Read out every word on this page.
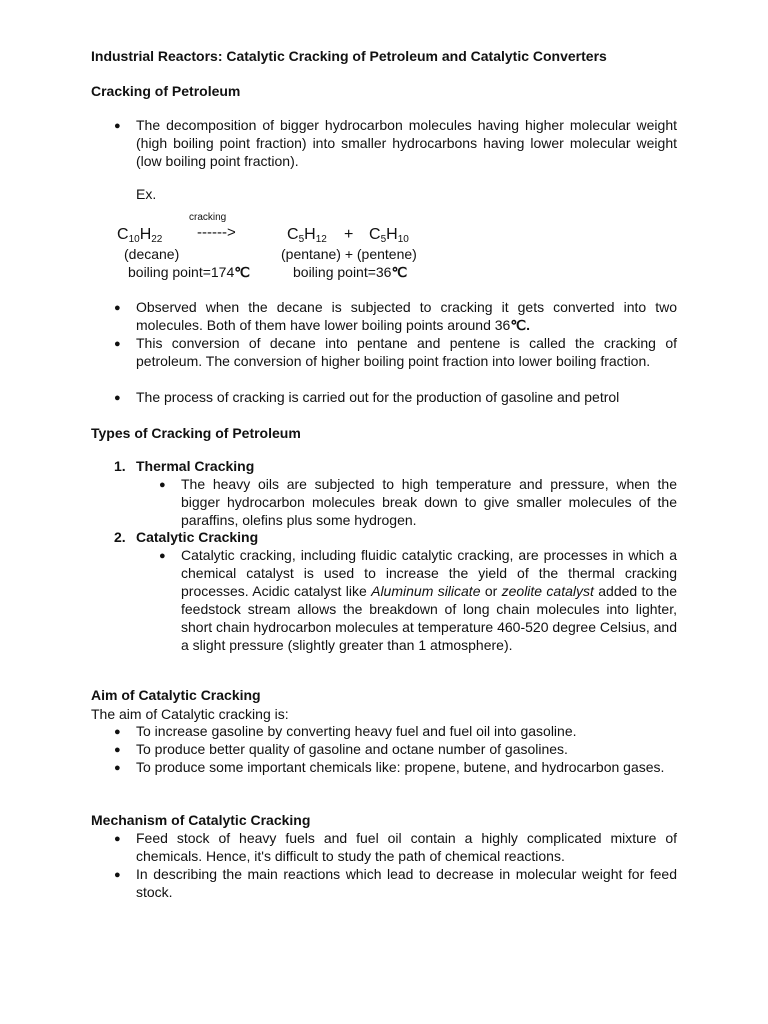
Industrial Reactors: Catalytic Cracking of Petroleum and Catalytic Converters
Cracking of Petroleum
● The decomposition of bigger hydrocarbon molecules having higher molecular weight (high boiling point fraction) into smaller hydrocarbons having lower molecular weight (low boiling point fraction).
Ex.
cracking
C10H22 ------>	C5H12 + C5H10
(decane)	(pentane) + (pentene)
boiling point=174℃	boiling point=36℃
● Observed when the decane is subjected to cracking it gets converted into two molecules. Both of them have lower boiling points around 36℃.
● This conversion of decane into pentane and pentene is called the cracking of petroleum. The conversion of higher boiling point fraction into lower boiling fraction.
● The process of cracking is carried out for the production of gasoline and petrol
Types of Cracking of Petroleum
1. Thermal Cracking
● The heavy oils are subjected to high temperature and pressure, when the bigger hydrocarbon molecules break down to give smaller molecules of the paraffins, olefins plus some hydrogen.
2. Catalytic Cracking
● Catalytic cracking, including fluidic catalytic cracking, are processes in which a chemical catalyst is used to increase the yield of the thermal cracking processes. Acidic catalyst like Aluminum silicate or zeolite catalyst added to the feedstock stream allows the breakdown of long chain molecules into lighter, short chain hydrocarbon molecules at temperature 460-520 degree Celsius, and a slight pressure (slightly greater than 1 atmosphere).
Aim of Catalytic Cracking
The aim of Catalytic cracking is:
● To increase gasoline by converting heavy fuel and fuel oil into gasoline.
● To produce better quality of gasoline and octane number of gasolines.
● To produce some important chemicals like: propene, butene, and hydrocarbon gases.
Mechanism of Catalytic Cracking
● Feed stock of heavy fuels and fuel oil contain a highly complicated mixture of chemicals. Hence, it's difficult to study the path of chemical reactions.
● In describing the main reactions which lead to decrease in molecular weight for feed stock.
